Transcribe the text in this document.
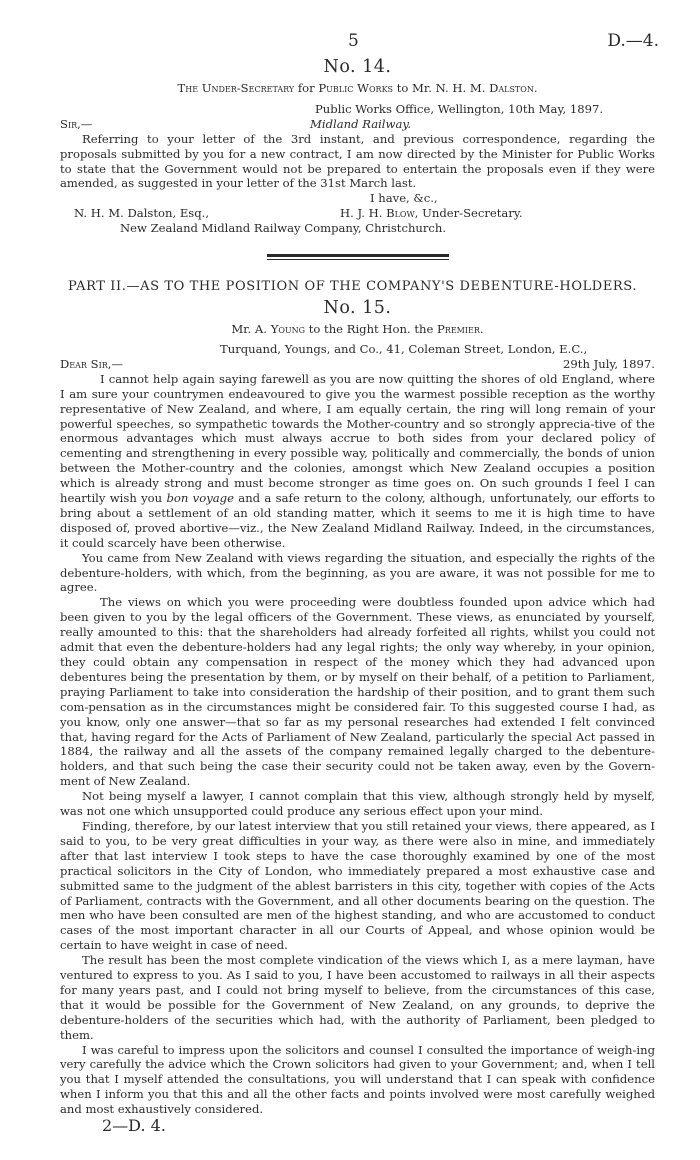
5	D.—4.
No. 14.
The Under-Secretary for Public Works to Mr. N. H. M. Dalston.
Public Works Office, Wellington, 10th May, 1897.
Sir,—	Midland Railway.

Referring to your letter of the 3rd instant, and previous correspondence, regarding the proposals submitted by you for a new contract, I am now directed by the Minister for Public Works to state that the Government would not be prepared to entertain the proposals even if they were amended, as suggested in your letter of the 31st March last.

I have, &c.,
N. H. M. Dalston, Esq.,	H. J. H. Blow, Under-Secretary.
New Zealand Midland Railway Company, Christchurch.
PART II.—AS TO THE POSITION OF THE COMPANY'S DEBENTURE-HOLDERS.
No. 15.
Mr. A. Young to the Right Hon. the Premier.
Turquand, Youngs, and Co., 41, Coleman Street, London, E.C.,
Dear Sir,—	29th July, 1897.

I cannot help again saying farewell as you are now quitting the shores of old England, where I am sure your countrymen endeavoured to give you the warmest possible reception as the worthy representative of New Zealand, and where, I am equally certain, the ring will long remain of your powerful speeches, so sympathetic towards the Mother-country and so strongly apprecia-tive of the enormous advantages which must always accrue to both sides from your declared policy of cementing and strengthening in every possible way, politically and commercially, the bonds of union between the Mother-country and the colonies, amongst which New Zealand occupies a position which is already strong and must become stronger as time goes on. On such grounds I feel I can heartily wish you bon voyage and a safe return to the colony, although, unfortunately, our efforts to bring about a settlement of an old standing matter, which it seems to me it is high time to have disposed of, proved abortive—viz., the New Zealand Midland Railway. Indeed, in the circumstances, it could scarcely have been otherwise.

You came from New Zealand with views regarding the situation, and especially the rights of the debenture-holders, with which, from the beginning, as you are aware, it was not possible for me to agree.

The views on which you were proceeding were doubtless founded upon advice which had been given to you by the legal officers of the Government. These views, as enunciated by yourself, really amounted to this: that the shareholders had already forfeited all rights, whilst you could not admit that even the debenture-holders had any legal rights; the only way whereby, in your opinion, they could obtain any compensation in respect of the money which they had advanced upon debentures being the presentation by them, or by myself on their behalf, of a petition to Parliament, praying Parliament to take into consideration the hardship of their position, and to grant them such com-pensation as in the circumstances might be considered fair. To this suggested course I had, as you know, only one answer—that so far as my personal researches had extended I felt convinced that, having regard for the Acts of Parliament of New Zealand, particularly the special Act passed in 1884, the railway and all the assets of the company remained legally charged to the debenture-holders, and that such being the case their security could not be taken away, even by the Govern-ment of New Zealand.

Not being myself a lawyer, I cannot complain that this view, although strongly held by myself, was not one which unsupported could produce any serious effect upon your mind.

Finding, therefore, by our latest interview that you still retained your views, there appeared, as I said to you, to be very great difficulties in your way, as there were also in mine, and immediately after that last interview I took steps to have the case thoroughly examined by one of the most practical solicitors in the City of London, who immediately prepared a most exhaustive case and submitted same to the judgment of the ablest barristers in this city, together with copies of the Acts of Parliament, contracts with the Government, and all other documents bearing on the question. The men who have been consulted are men of the highest standing, and who are accustomed to conduct cases of the most important character in all our Courts of Appeal, and whose opinion would be certain to have weight in case of need.

The result has been the most complete vindication of the views which I, as a mere layman, have ventured to express to you. As I said to you, I have been accustomed to railways in all their aspects for many years past, and I could not bring myself to believe, from the circumstances of this case, that it would be possible for the Government of New Zealand, on any grounds, to deprive the debenture-holders of the securities which had, with the authority of Parliament, been pledged to them.

I was careful to impress upon the solicitors and counsel I consulted the importance of weigh-ing very carefully the advice which the Crown solicitors had given to your Government; and, when I tell you that I myself attended the consultations, you will understand that I can speak with confidence when I inform you that this and all the other facts and points involved were most carefully weighed and most exhaustively considered.

2—D. 4.
